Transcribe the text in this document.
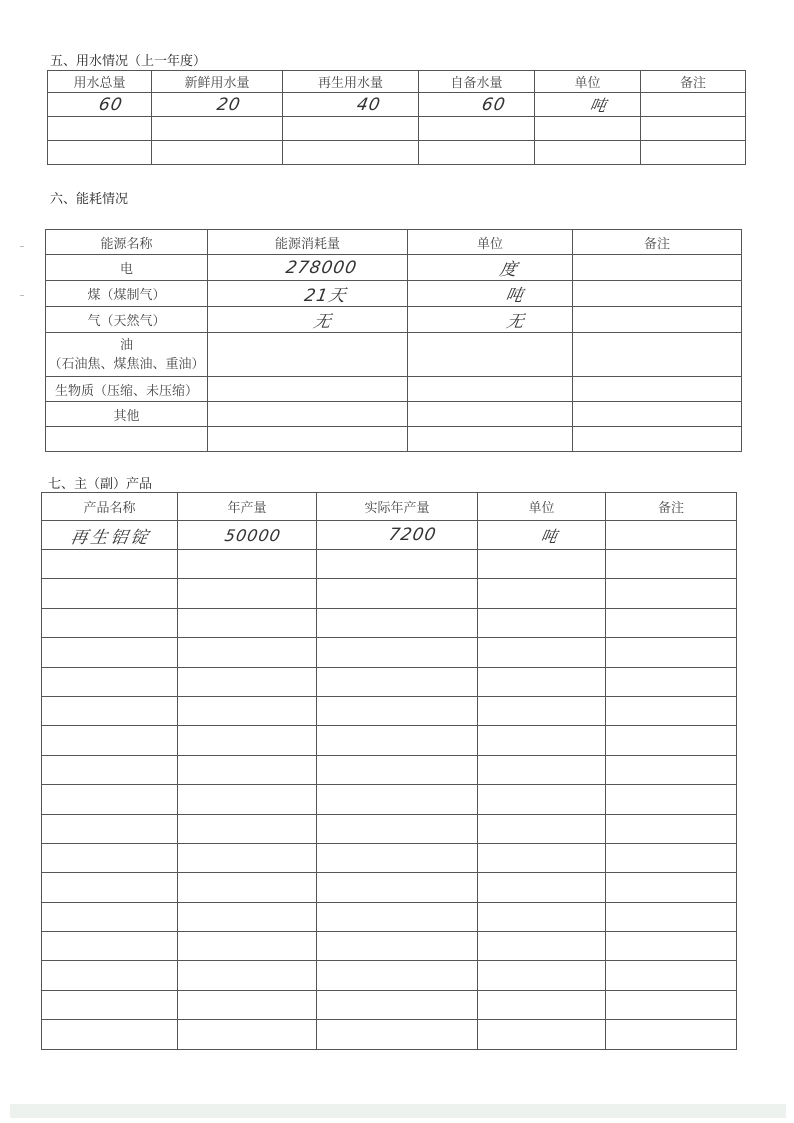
五、用水情况（上一年度）
用水总量	新鲜用水量	再生用水量	自备水量	单位	备注
60	20	40	60	吨	

六、能耗情况
能源名称	能源消耗量	单位	备注
电	278000	度	
煤（煤制气）	21天	吨	
气（天然气）	无	无	
油
（石油焦、煤焦油、重油）			
生物质（压缩、未压缩）			
其他			

七、主（副）产品
产品名称	年产量	实际年产量	单位	备注
再生铝锭	50000	7200	吨	
